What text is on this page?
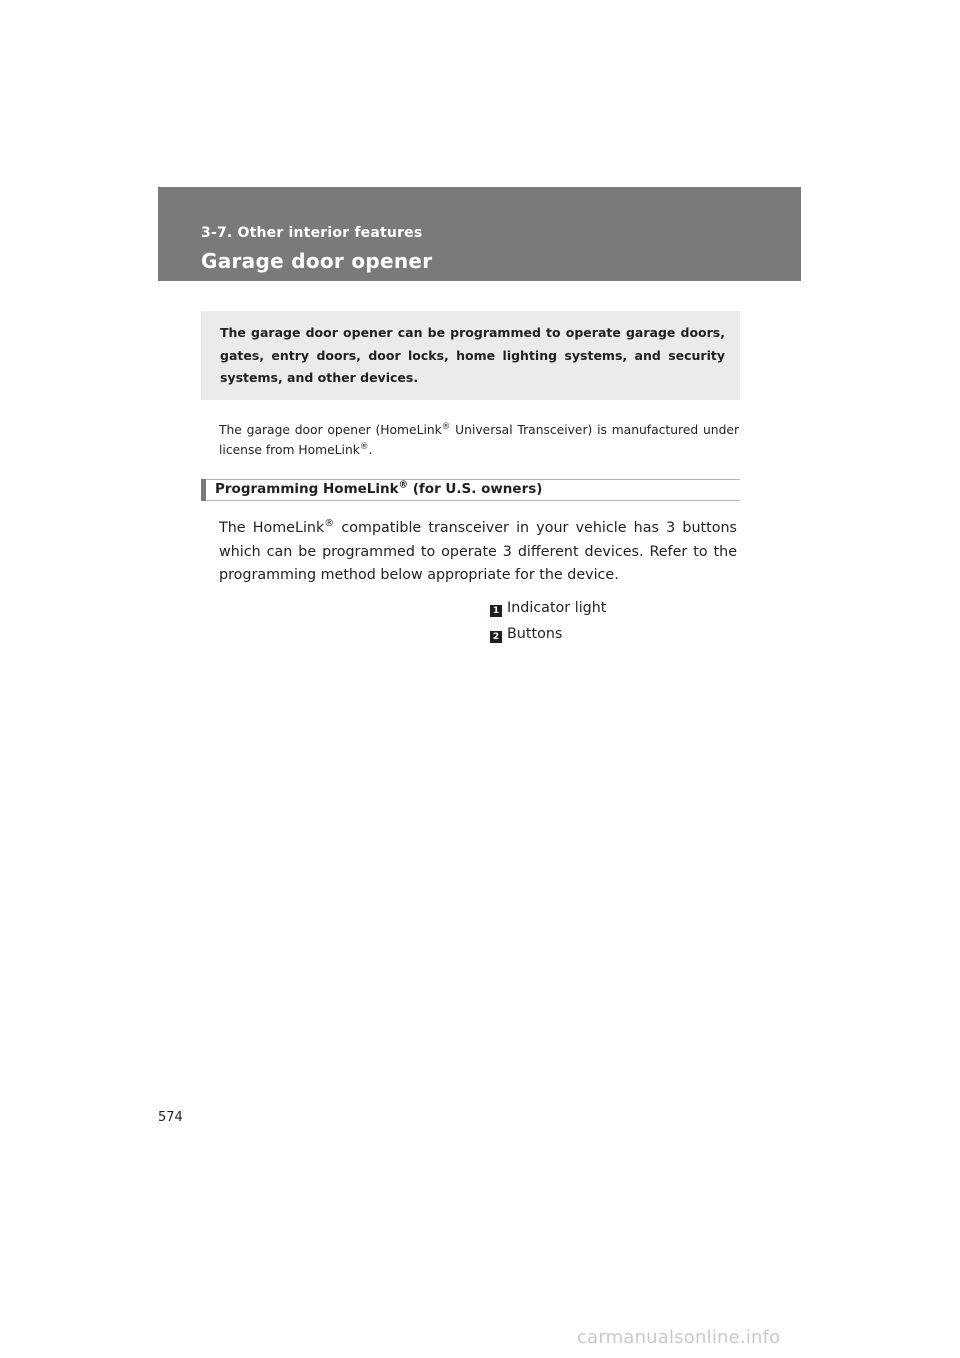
3-7. Other interior features
Garage door opener
The garage door opener can be programmed to operate garage doors, gates, entry doors, door locks, home lighting systems, and security systems, and other devices.
The garage door opener (HomeLink® Universal Transceiver) is manufactured under license from HomeLink®.
Programming HomeLink® (for U.S. owners)
The HomeLink® compatible transceiver in your vehicle has 3 buttons which can be programmed to operate 3 different devices. Refer to the programming method below appropriate for the device.
1 Indicator light
2 Buttons
574
carmanualsonline.info
